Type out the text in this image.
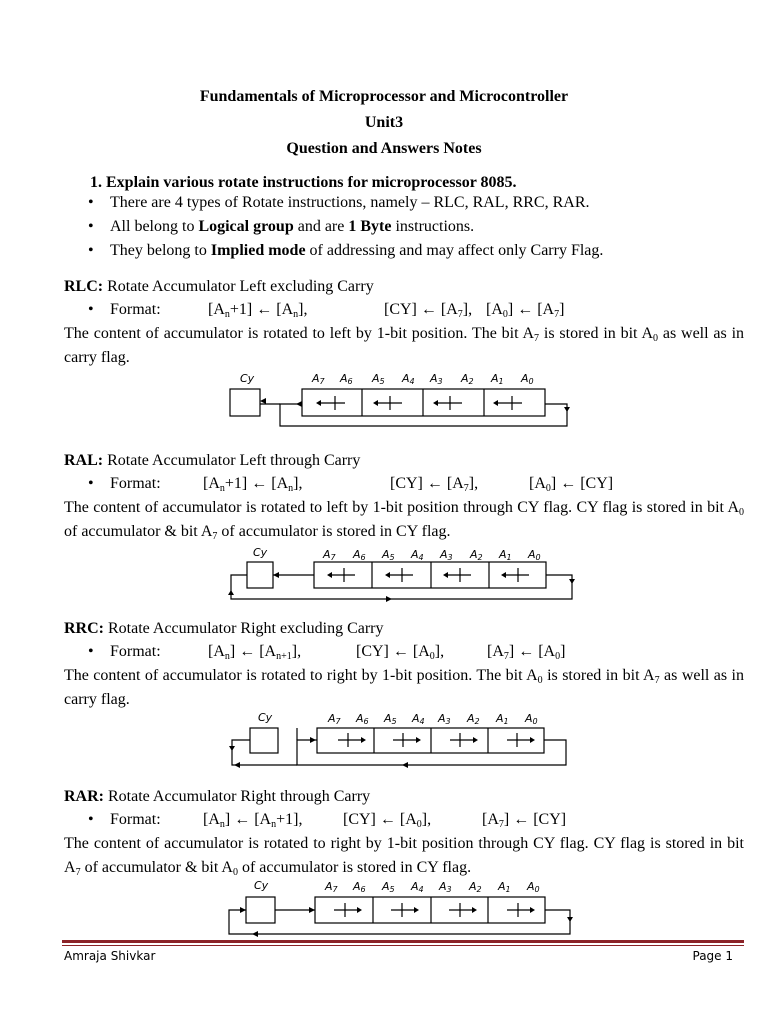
Fundamentals of Microprocessor and Microcontroller
Unit3
Question and Answers Notes
1. Explain various rotate instructions for microprocessor 8085.
• There are 4 types of Rotate instructions, namely – RLC, RAL, RRC, RAR.
• All belong to Logical group and are 1 Byte instructions.
• They belong to Implied mode of addressing and may affect only Carry Flag.
RLC: Rotate Accumulator Left excluding Carry
• Format:	$[A_n+1]$ ← $[A_n]$,	[CY] ← $[A_7]$, $[A_0]$ ← $[A_7]$
The content of accumulator is rotated to left by 1-bit position. The bit $A_7$ is stored in bit $A_0$ as well as in carry flag.
Cy	A7 A6 A5 A4 A3 A2 A1 A0
RAL: Rotate Accumulator Left through Carry
• Format:	$[A_n+1]$ ← $[A_n]$,	[CY] ← $[A_7]$,	$[A_0]$ ← [CY]
The content of accumulator is rotated to left by 1-bit position through CY flag. CY flag is stored in bit $A_0$ of accumulator & bit $A_7$ of accumulator is stored in CY flag.
Cy	A7 A6 A5 A4 A3 A2 A1 A0
RRC: Rotate Accumulator Right excluding Carry
• Format:	$[A_n]$ ← $[A_{n+1}]$,	[CY] ← $[A_0]$,	$[A_7]$ ← $[A_0]$
The content of accumulator is rotated to right by 1-bit position. The bit $A_0$ is stored in bit $A_7$ as well as in carry flag.
Cy	A7 A6 A5 A4 A3 A2 A1 A0
RAR: Rotate Accumulator Right through Carry
• Format:	$[A_n]$ ← $[A_n+1]$,	[CY] ← $[A_0]$,	$[A_7]$ ← [CY]
The content of accumulator is rotated to right by 1-bit position through CY flag. CY flag is stored in bit $A_7$ of accumulator & bit $A_0$ of accumulator is stored in CY flag.
Cy	A7 A6 A5 A4 A3 A2 A1 A0
Amraja Shivkar	Page 1
